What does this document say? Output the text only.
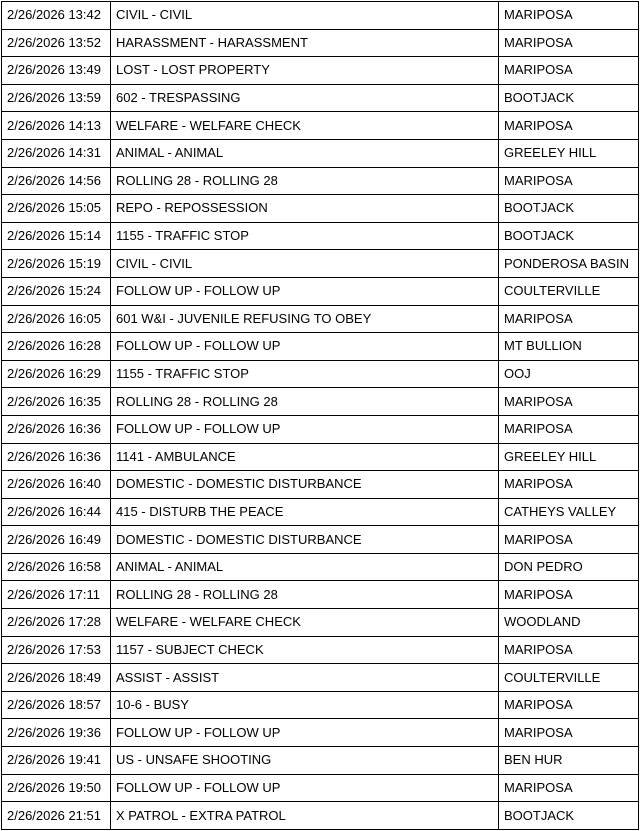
2/26/2026 13:42	CIVIL - CIVIL	MARIPOSA
2/26/2026 13:52	HARASSMENT - HARASSMENT	MARIPOSA
2/26/2026 13:49	LOST - LOST PROPERTY	MARIPOSA
2/26/2026 13:59	602 - TRESPASSING	BOOTJACK
2/26/2026 14:13	WELFARE - WELFARE CHECK	MARIPOSA
2/26/2026 14:31	ANIMAL - ANIMAL	GREELEY HILL
2/26/2026 14:56	ROLLING 28 - ROLLING 28	MARIPOSA
2/26/2026 15:05	REPO - REPOSSESSION	BOOTJACK
2/26/2026 15:14	1155 - TRAFFIC STOP	BOOTJACK
2/26/2026 15:19	CIVIL - CIVIL	PONDEROSA BASIN
2/26/2026 15:24	FOLLOW UP - FOLLOW UP	COULTERVILLE
2/26/2026 16:05	601 W&I - JUVENILE REFUSING TO OBEY	MARIPOSA
2/26/2026 16:28	FOLLOW UP - FOLLOW UP	MT BULLION
2/26/2026 16:29	1155 - TRAFFIC STOP	OOJ
2/26/2026 16:35	ROLLING 28 - ROLLING 28	MARIPOSA
2/26/2026 16:36	FOLLOW UP - FOLLOW UP	MARIPOSA
2/26/2026 16:36	1141 - AMBULANCE	GREELEY HILL
2/26/2026 16:40	DOMESTIC - DOMESTIC DISTURBANCE	MARIPOSA
2/26/2026 16:44	415 - DISTURB THE PEACE	CATHEYS VALLEY
2/26/2026 16:49	DOMESTIC - DOMESTIC DISTURBANCE	MARIPOSA
2/26/2026 16:58	ANIMAL - ANIMAL	DON PEDRO
2/26/2026 17:11	ROLLING 28 - ROLLING 28	MARIPOSA
2/26/2026 17:28	WELFARE - WELFARE CHECK	WOODLAND
2/26/2026 17:53	1157 - SUBJECT CHECK	MARIPOSA
2/26/2026 18:49	ASSIST - ASSIST	COULTERVILLE
2/26/2026 18:57	10-6 - BUSY	MARIPOSA
2/26/2026 19:36	FOLLOW UP - FOLLOW UP	MARIPOSA
2/26/2026 19:41	US - UNSAFE SHOOTING	BEN HUR
2/26/2026 19:50	FOLLOW UP - FOLLOW UP	MARIPOSA
2/26/2026 21:51	X PATROL - EXTRA PATROL	BOOTJACK
